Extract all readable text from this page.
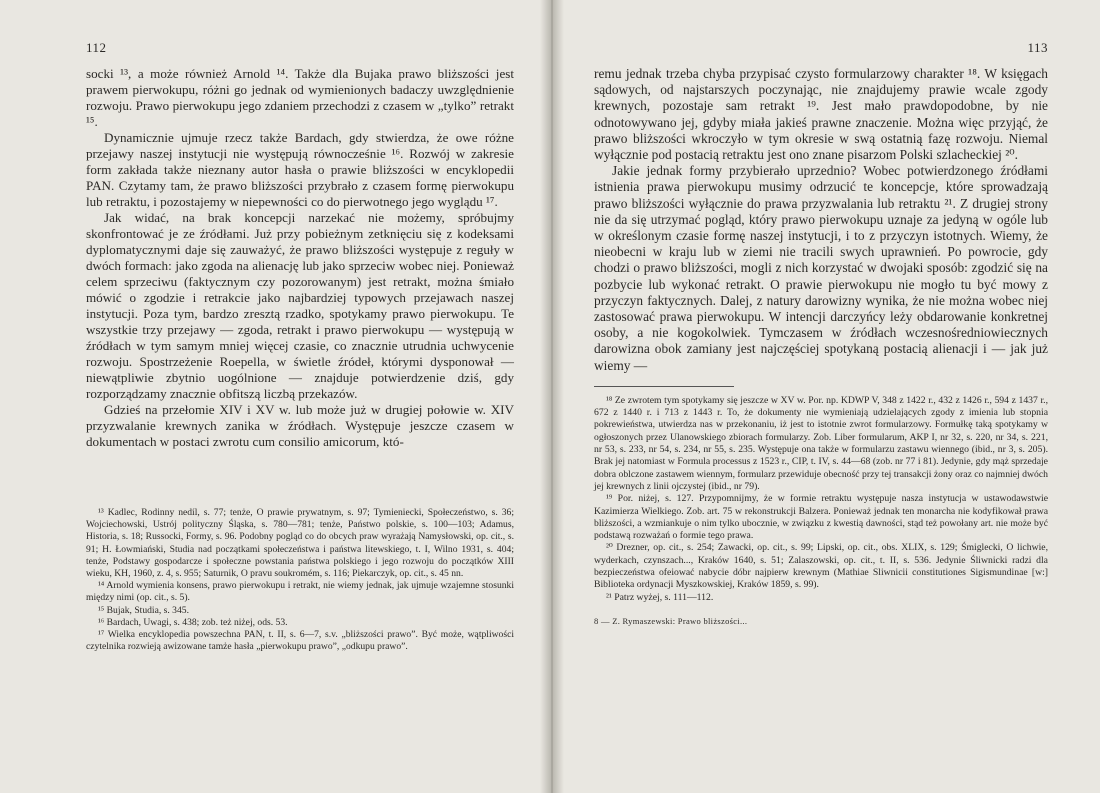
112

socki ¹³, a może również Arnold ¹⁴. Także dla Bujaka prawo bliższości jest prawem pierwokupu, różni go jednak od wymienionych badaczy uwzględnienie rozwoju. Prawo pierwokupu jego zdaniem przechodzi z czasem w „tylko” retrakt ¹⁵.

Dynamicznie ujmuje rzecz także Bardach, gdy stwierdza, że owe różne przejawy naszej instytucji nie występują równocześnie ¹⁶. Rozwój w zakresie form zakłada także nieznany autor hasła o prawie bliższości w encyklopedii PAN. Czytamy tam, że prawo bliższości przybrało z czasem formę pierwokupu lub retraktu, i pozostajemy w niepewności co do pierwotnego jego wyglądu ¹⁷.

Jak widać, na brak koncepcji narzekać nie możemy, spróbujmy skonfrontować je ze źródłami. Już przy pobieżnym zetknięciu się z kodeksami dyplomatycznymi daje się zauważyć, że prawo bliższości występuje z reguły w dwóch formach: jako zgoda na alienację lub jako sprzeciw wobec niej. Ponieważ celem sprzeciwu (faktycznym czy pozorowanym) jest retrakt, można śmiało mówić o zgodzie i retrakcie jako najbardziej typowych przejawach naszej instytucji. Poza tym, bardzo zresztą rzadko, spotykamy prawo pierwokupu. Te wszystkie trzy przejawy — zgoda, retrakt i prawo pierwokupu — występują w źródłach w tym samym mniej więcej czasie, co znacznie utrudnia uchwycenie rozwoju. Spostrzeżenie Roepella, w świetle źródeł, którymi dysponował — niewątpliwie zbytnio uogólnione — znajduje potwierdzenie dziś, gdy rozporządzamy znacznie obfitszą liczbą przekazów.

Gdzieś na przełomie XIV i XV w. lub może już w drugiej połowie w. XIV przyzwalanie krewnych zanika w źródłach. Występuje jeszcze czasem w dokumentach w postaci zwrotu cum consilio amicorum, któ-

¹³ Kadlec, Rodinny nedíl, s. 77; tenże, O prawie prywatnym, s. 97; Tymieniecki, Społeczeństwo, s. 36; Wojciechowski, Ustrój polityczny Śląska, s. 780—781; tenże, Państwo polskie, s. 100—103; Adamus, Historia, s. 18; Russocki, Formy, s. 96. Podobny pogląd co do obcych praw wyrażają Namysłowski, op. cit., s. 91; H. Łowmiański, Studia nad początkami społeczeństwa i państwa litewskiego, t. I, Wilno 1931, s. 404; tenże, Podstawy gospodarcze i społeczne powstania państwa polskiego i jego rozwoju do początków XIII wieku, KH, 1960, z. 4, s. 955; Saturnik, O pravu soukromém, s. 116; Piekarczyk, op. cit., s. 45 nn.

¹⁴ Arnold wymienia konsens, prawo pierwokupu i retrakt, nie wiemy jednak, jak ujmuje wzajemne stosunki między nimi (op. cit., s. 5).

¹⁵ Bujak, Studia, s. 345.

¹⁶ Bardach, Uwagi, s. 438; zob. też niżej, ods. 53.

¹⁷ Wielka encyklopedia powszechna PAN, t. II, s. 6—7, s.v. „bliższości prawo”. Być może, wątpliwości czytelnika rozwieją awizowane tamże hasła „pierwokupu prawo”, „odkupu prawo”.

113

remu jednak trzeba chyba przypisać czysto formularzowy charakter ¹⁸. W księgach sądowych, od najstarszych poczynając, nie znajdujemy prawie wcale zgody krewnych, pozostaje sam retrakt ¹⁹. Jest mało prawdopodobne, by nie odnotowywano jej, gdyby miała jakieś prawne znaczenie. Można więc przyjąć, że prawo bliższości wkroczyło w tym okresie w swą ostatnią fazę rozwoju. Niemal wyłącznie pod postacią retraktu jest ono znane pisarzom Polski szlacheckiej ²⁰.

Jakie jednak formy przybierało uprzednio? Wobec potwierdzonego źródłami istnienia prawa pierwokupu musimy odrzucić te koncepcje, które sprowadzają prawo bliższości wyłącznie do prawa przyzwalania lub retraktu ²¹. Z drugiej strony nie da się utrzymać pogląd, który prawo pierwokupu uznaje za jedyną w ogóle lub w określonym czasie formę naszej instytucji, i to z przyczyn istotnych. Wiemy, że nieobecni w kraju lub w ziemi nie tracili swych uprawnień. Po powrocie, gdy chodzi o prawo bliższości, mogli z nich korzystać w dwojaki sposób: zgodzić się na pozbycie lub wykonać retrakt. O prawie pierwokupu nie mogło tu być mowy z przyczyn faktycznych. Dalej, z natury darowizny wynika, że nie można wobec niej zastosować prawa pierwokupu. W intencji darczyńcy leży obdarowanie konkretnej osoby, a nie kogokolwiek. Tymczasem w źródłach wczesnośredniowiecznych darowizna obok zamiany jest najczęściej spotykaną postacią alienacji i — jak już wiemy —

¹⁸ Ze zwrotem tym spotykamy się jeszcze w XV w. Por. np. KDWP V, 348 z 1422 r., 432 z 1426 r., 594 z 1437 r., 672 z 1440 r. i 713 z 1443 r. To, że dokumenty nie wymieniają udzielających zgody z imienia lub stopnia pokrewieństwa, utwierdza nas w przekonaniu, iż jest to istotnie zwrot formularzowy. Formułkę taką spotykamy w ogłoszonych przez Ulanowskiego zbiorach formularzy. Zob. Liber formularum, AKP I, nr 32, s. 220, nr 34, s. 221, nr 53, s. 233, nr 54, s. 234, nr 55, s. 235. Występuje ona także w formularzu zastawu wiennego (ibid., nr 3, s. 205). Brak jej natomiast w Formula processus z 1523 r., CIP, t. IV, s. 44—68 (zob. nr 77 i 81). Jedynie, gdy mąż sprzedaje dobra oblczone zastawem wiennym, formularz przewiduje obecność przy tej transakcji żony oraz co najmniej dwóch jej krewnych z linii ojczystej (ibid., nr 79).

¹⁹ Por. niżej, s. 127. Przypomnijmy, że w formie retraktu występuje nasza instytucja w ustawodawstwie Kazimierza Wielkiego. Zob. art. 75 w rekonstrukcji Balzera. Ponieważ jednak ten monarcha nie kodyfikował prawa bliższości, a wzmiankuje o nim tylko ubocznie, w związku z kwestią dawności, stąd też powołany art. nie może być podstawą rozważań o formie tego prawa.

²⁰ Drezner, op. cit., s. 254; Zawacki, op. cit., s. 99; Lipski, op. cit., obs. XLIX, s. 129; Śmiglecki, O lichwie, wyderkach, czynszach..., Kraków 1640, s. 51; Zalaszowski, op. cit., t. II, s. 536. Jedynie Śliwnicki radzi dla bezpieczeństwa ofeiować nabycie dóbr najpierw krewnym (Mathiae Sliwnicii constitutiones Sigismundinae [w:] Biblioteka ordynacji Myszkowskiej, Kraków 1859, s. 99).

²¹ Patrz wyżej, s. 111—112.

8 — Z. Rymaszewski: Prawo bliższości...
